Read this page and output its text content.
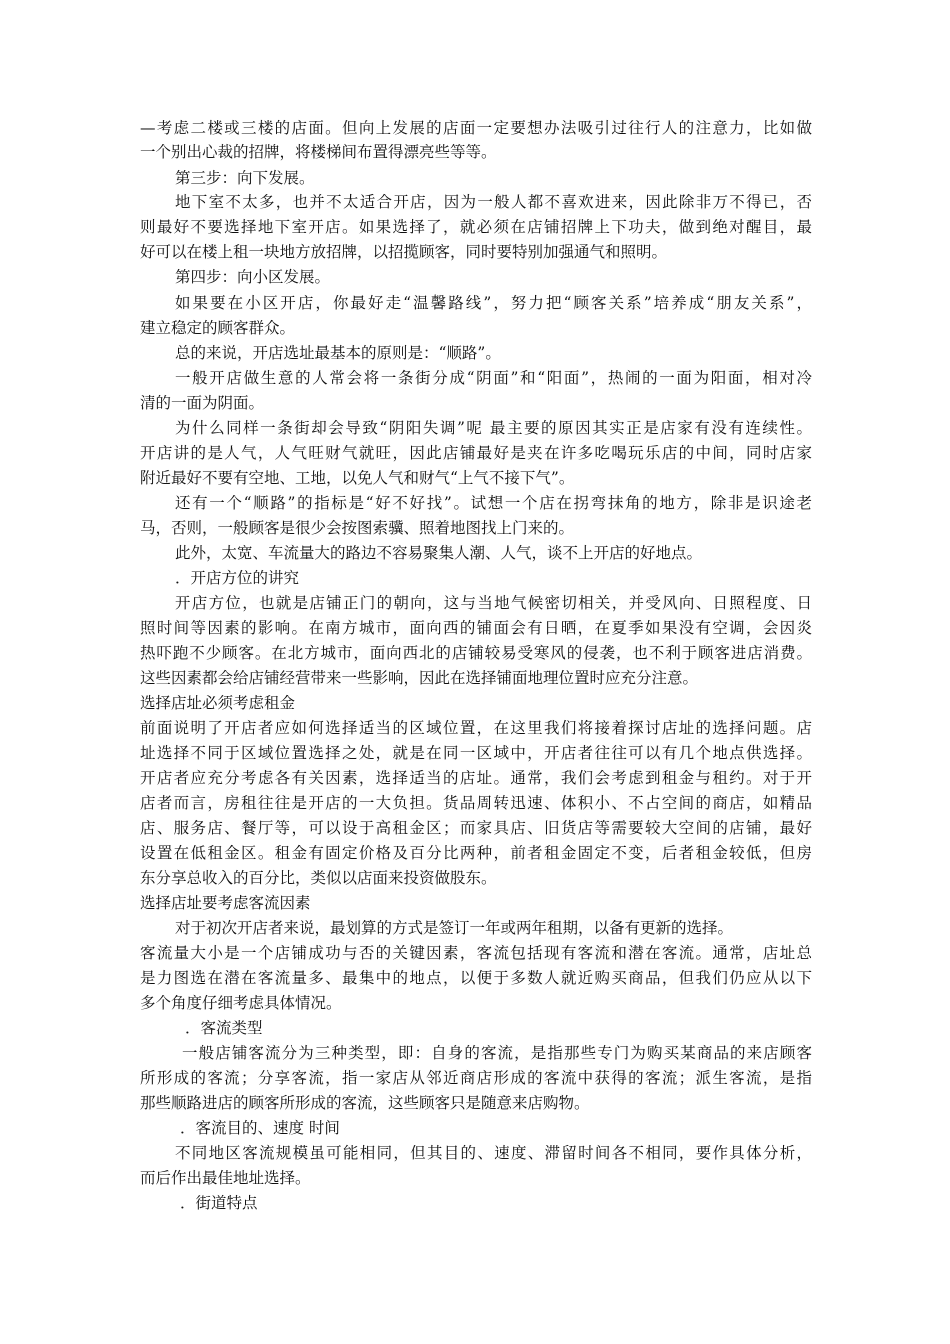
—考虑二楼或三楼的店面。但向上发展的店面一定要想办法吸引过往行人的注意力，比如做
一个别出心裁的招牌，将楼梯间布置得漂亮些等等。
第三步：向下发展。
地下室不太多，也并不太适合开店，因为一般人都不喜欢进来，因此除非万不得已，否
则最好不要选择地下室开店。如果选择了，就必须在店铺招牌上下功夫，做到绝对醒目，最
好可以在楼上租一块地方放招牌，以招揽顾客，同时要特别加强通气和照明。
第四步：向小区发展。
如果要在小区开店，你最好走“温馨路线”，努力把“顾客关系”培养成“朋友关系”，
建立稳定的顾客群众。
总的来说，开店选址最基本的原则是：“顺路”。
一般开店做生意的人常会将一条街分成“阴面”和“阳面”，热闹的一面为阳面，相对冷
清的一面为阴面。
为什么同样一条街却会导致“阴阳失调”呢 最主要的原因其实正是店家有没有连续性。
开店讲的是人气，人气旺财气就旺，因此店铺最好是夹在许多吃喝玩乐店的中间，同时店家
附近最好不要有空地、工地，以免人气和财气“上气不接下气”。
还有一个“顺路”的指标是“好不好找”。试想一个店在拐弯抹角的地方，除非是识途老
马，否则，一般顾客是很少会按图索骥、照着地图找上门来的。
此外，太宽、车流量大的路边不容易聚集人潮、人气，谈不上开店的好地点。
．开店方位的讲究
开店方位，也就是店铺正门的朝向，这与当地气候密切相关，并受风向、日照程度、日
照时间等因素的影响。在南方城市，面向西的铺面会有日晒，在夏季如果没有空调，会因炎
热吓跑不少顾客。在北方城市，面向西北的店铺较易受寒风的侵袭，也不利于顾客进店消费。
这些因素都会给店铺经营带来一些影响，因此在选择铺面地理位置时应充分注意。
选择店址必须考虑租金
前面说明了开店者应如何选择适当的区域位置，在这里我们将接着探讨店址的选择问题。店
址选择不同于区域位置选择之处，就是在同一区域中，开店者往往可以有几个地点供选择。
开店者应充分考虑各有关因素，选择适当的店址。通常，我们会考虑到租金与租约。对于开
店者而言，房租往往是开店的一大负担。货品周转迅速、体积小、不占空间的商店，如精品
店、服务店、餐厅等，可以设于高租金区；而家具店、旧货店等需要较大空间的店铺，最好
设置在低租金区。租金有固定价格及百分比两种，前者租金固定不变，后者租金较低，但房
东分享总收入的百分比，类似以店面来投资做股东。
选择店址要考虑客流因素
对于初次开店者来说，最划算的方式是签订一年或两年租期，以备有更新的选择。
客流量大小是一个店铺成功与否的关键因素，客流包括现有客流和潜在客流。通常，店址总
是力图选在潜在客流量多、最集中的地点，以便于多数人就近购买商品，但我们仍应从以下
多个角度仔细考虑具体情况。
．客流类型
一般店铺客流分为三种类型，即：自身的客流，是指那些专门为购买某商品的来店顾客
所形成的客流；分享客流，指一家店从邻近商店形成的客流中获得的客流；派生客流，是指
那些顺路进店的顾客所形成的客流，这些顾客只是随意来店购物。
．客流目的、速度 时间
不同地区客流规模虽可能相同，但其目的、速度、滞留时间各不相同，要作具体分析，
而后作出最佳地址选择。
．街道特点
